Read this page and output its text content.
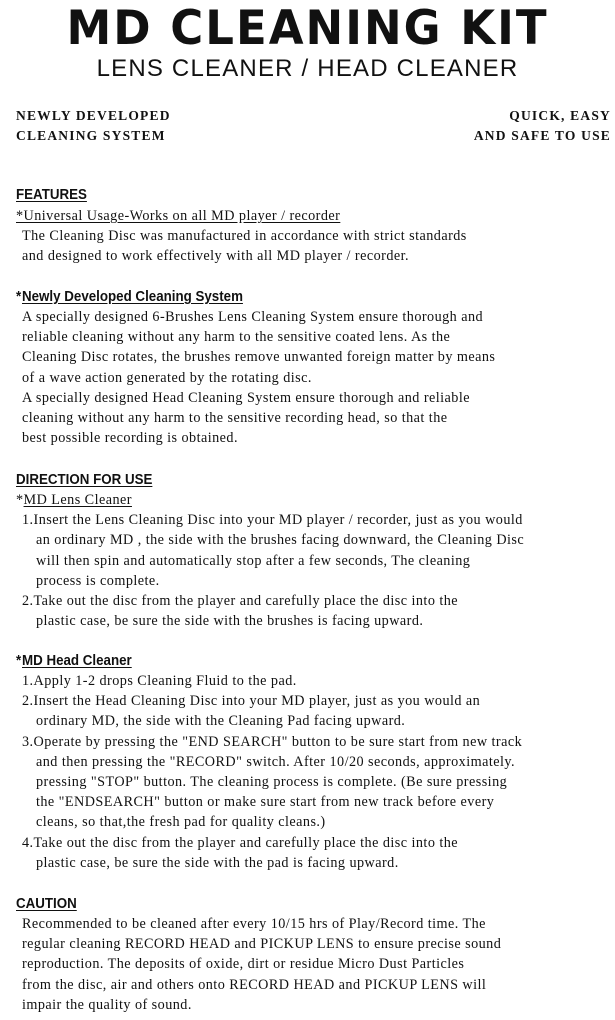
MD CLEANING KIT
LENS CLEANER / HEAD CLEANER
NEWLY DEVELOPED
CLEANING SYSTEM
QUICK, EASY
AND SAFE TO USE
FEATURES
*Universal Usage-Works on all MD player / recorder
The Cleaning Disc was manufactured in accordance with strict standards
and designed to work effectively with all MD player / recorder.
*Newly Developed Cleaning System
A specially designed 6-Brushes Lens Cleaning System ensure thorough and
reliable cleaning without any harm to the sensitive coated lens. As the
Cleaning Disc rotates, the brushes remove unwanted foreign matter by means
of a wave action generated by the rotating disc.
A specially designed Head Cleaning System ensure thorough and reliable
cleaning without any harm to the sensitive recording head, so that the
best possible recording is obtained.
DIRECTION FOR USE
*MD Lens Cleaner
1.Insert the Lens Cleaning Disc into your MD player / recorder, just as you would
an ordinary MD , the side with the brushes facing downward, the Cleaning Disc
will then spin and automatically stop after a few seconds, The cleaning
process is complete.
2.Take out the disc from the player and carefully place the disc into the
plastic case, be sure the side with the brushes is facing upward.
*MD Head Cleaner
1.Apply 1-2 drops Cleaning Fluid to the pad.
2.Insert the Head Cleaning Disc into your MD player, just as you would an
ordinary MD, the side with the Cleaning Pad facing upward.
3.Operate by pressing the "END SEARCH" button to be sure start from new track
and then pressing the "RECORD" switch. After 10/20 seconds, approximately.
pressing "STOP" button. The cleaning process is complete. (Be sure pressing
the "ENDSEARCH" button or make sure start from new track before every
cleans, so that,the fresh pad for quality cleans.)
4.Take out the disc from the player and carefully place the disc into the
plastic case, be sure the side with the pad is facing upward.
CAUTION
Recommended to be cleaned after every 10/15 hrs of Play/Record time. The
regular cleaning RECORD HEAD and PICKUP LENS to ensure precise sound
reproduction. The deposits of oxide, dirt or residue Micro Dust Particles
from the disc, air and others onto RECORD HEAD and PICKUP LENS will
impair the quality of sound.
